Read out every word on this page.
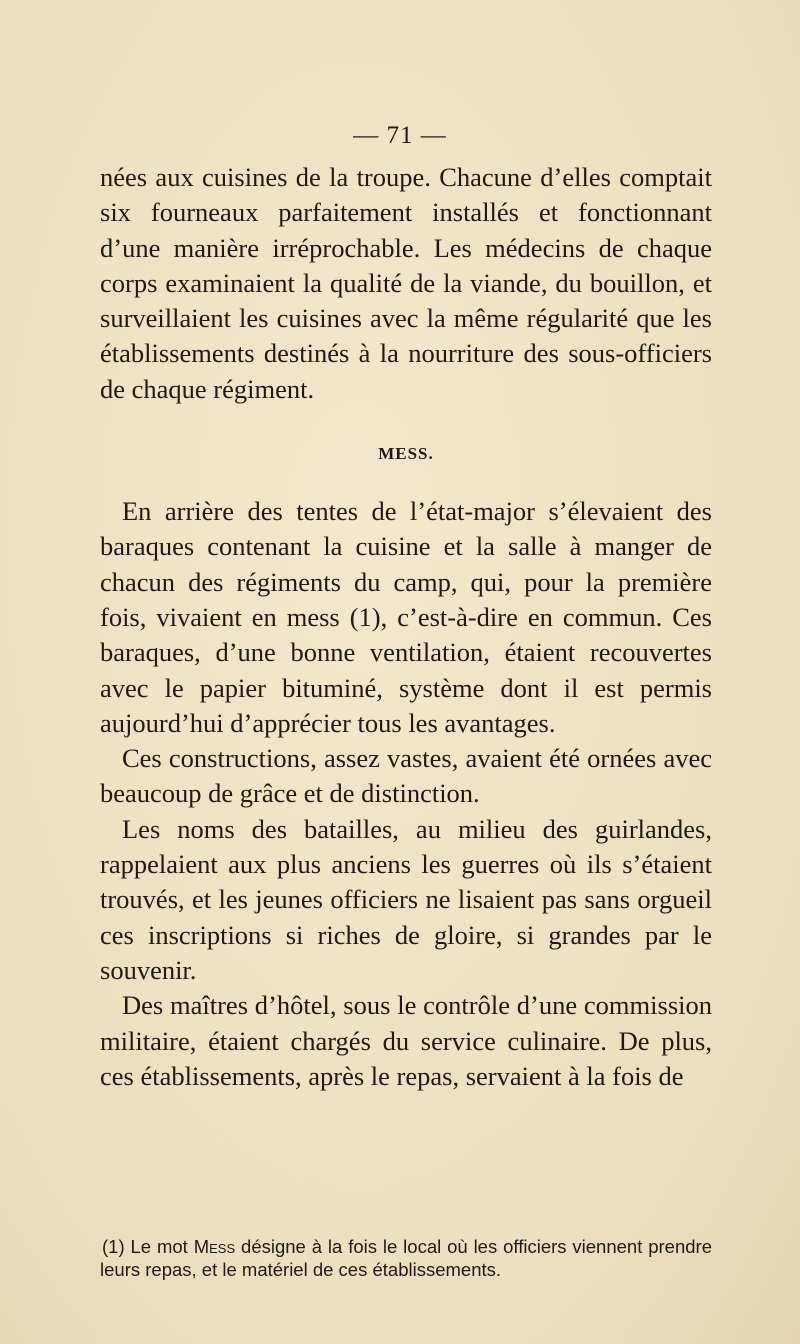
— 71 —

nées aux cuisines de la troupe. Chacune d’elles comptait six fourneaux parfaitement installés et fonctionnant d’une manière irréprochable. Les médecins de chaque corps examinaient la qualité de la viande, du bouillon, et surveillaient les cuisines avec la même régularité que les établissements destinés à la nourriture des sous-officiers de chaque régiment.

MESS.

En arrière des tentes de l’état-major s’élevaient des baraques contenant la cuisine et la salle à manger de chacun des régiments du camp, qui, pour la première fois, vivaient en mess (1), c’est-à-dire en commun. Ces baraques, d’une bonne ventilation, étaient recouvertes avec le papier bituminé, système dont il est permis aujourd’hui d’apprécier tous les avantages.

Ces constructions, assez vastes, avaient été ornées avec beaucoup de grâce et de distinction.

Les noms des batailles, au milieu des guirlandes, rappelaient aux plus anciens les guerres où ils s’étaient trouvés, et les jeunes officiers ne lisaient pas sans orgueil ces inscriptions si riches de gloire, si grandes par le souvenir.

Des maîtres d’hôtel, sous le contrôle d’une commission militaire, étaient chargés du service culinaire. De plus, ces établissements, après le repas, servaient à la fois de

(1) Le mot Mess désigne à la fois le local où les officiers viennent prendre leurs repas, et le matériel de ces établissements.
